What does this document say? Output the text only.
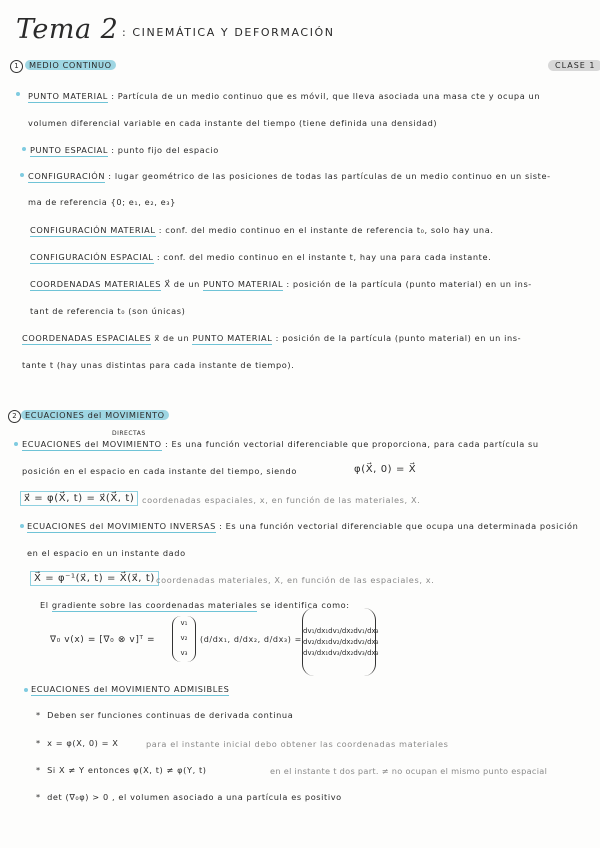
Tema 2 : CINEMÁTICA Y DEFORMACIÓN
1	MEDIO CONTINUO	CLASE 1
PUNTO MATERIAL : Partícula de un medio continuo que es móvil, que lleva asociada una masa cte y ocupa un
volumen diferencial variable en cada instante del tiempo (tiene definida una densidad)
PUNTO ESPACIAL : punto fijo del espacio
CONFIGURACIÓN : lugar geométrico de las posiciones de todas las partículas de un medio continuo en un siste-
ma de referencia {0; e₁, e₂, e₃}
CONFIGURACIÓN MATERIAL : conf. del medio continuo en el instante de referencia t₀, solo hay una.
CONFIGURACIÓN ESPACIAL : conf. del medio continuo en el instante t, hay una para cada instante.
COORDENADAS MATERIALES X⃗ de un PUNTO MATERIAL : posición de la partícula (punto material) en un ins-
tant de referencia t₀ (son únicas)
COORDENADAS ESPACIALES x⃗ de un PUNTO MATERIAL : posición de la partícula (punto material) en un ins-
tante t (hay unas distintas para cada instante de tiempo).
2	ECUACIONES del MOVIMIENTO
DIRECTAS
ECUACIONES del MOVIMIENTO : Es una función vectorial diferenciable que proporciona, para cada partícula su
posición en el espacio en cada instante del tiempo, siendo	φ(X⃗, 0) = X⃗
x⃗ = φ(X⃗, t) = x⃗(X⃗, t) coordenadas espaciales, x, en función de las materiales, X.
ECUACIONES del MOVIMIENTO INVERSAS : Es una función vectorial diferenciable que ocupa una determinada posición
en el espacio en un instante dado
X⃗ = φ⁻¹(x⃗, t) = X⃗(x⃗, t) coordenadas materiales, X, en función de las espaciales, x.
El gradiente sobre las coordenadas materiales se identifica como:
∇₀ v(x) = [∇₀ ⊗ v]ᵀ =
v₁
v₂
v₃
(d/dx₁, d/dx₂, d/dx₃) =
dv₁/dx₁ dv₁/dx₂ dv₁/dx₃
dv₂/dx₁ dv₂/dx₂ dv₂/dx₃
dv₃/dx₁ dv₃/dx₂ dv₃/dx₃
ECUACIONES del MOVIMIENTO ADMISIBLES
* Deben ser funciones continuas de derivada continua
* x = φ(X, 0) = X	para el instante inicial debo obtener las coordenadas materiales
* Si X ≠ Y entonces φ(X, t) ≠ φ(Y, t)	en el instante t dos part. ≠ no ocupan el mismo punto espacial
* det (∇₀φ) > 0 , el volumen asociado a una partícula es positivo
